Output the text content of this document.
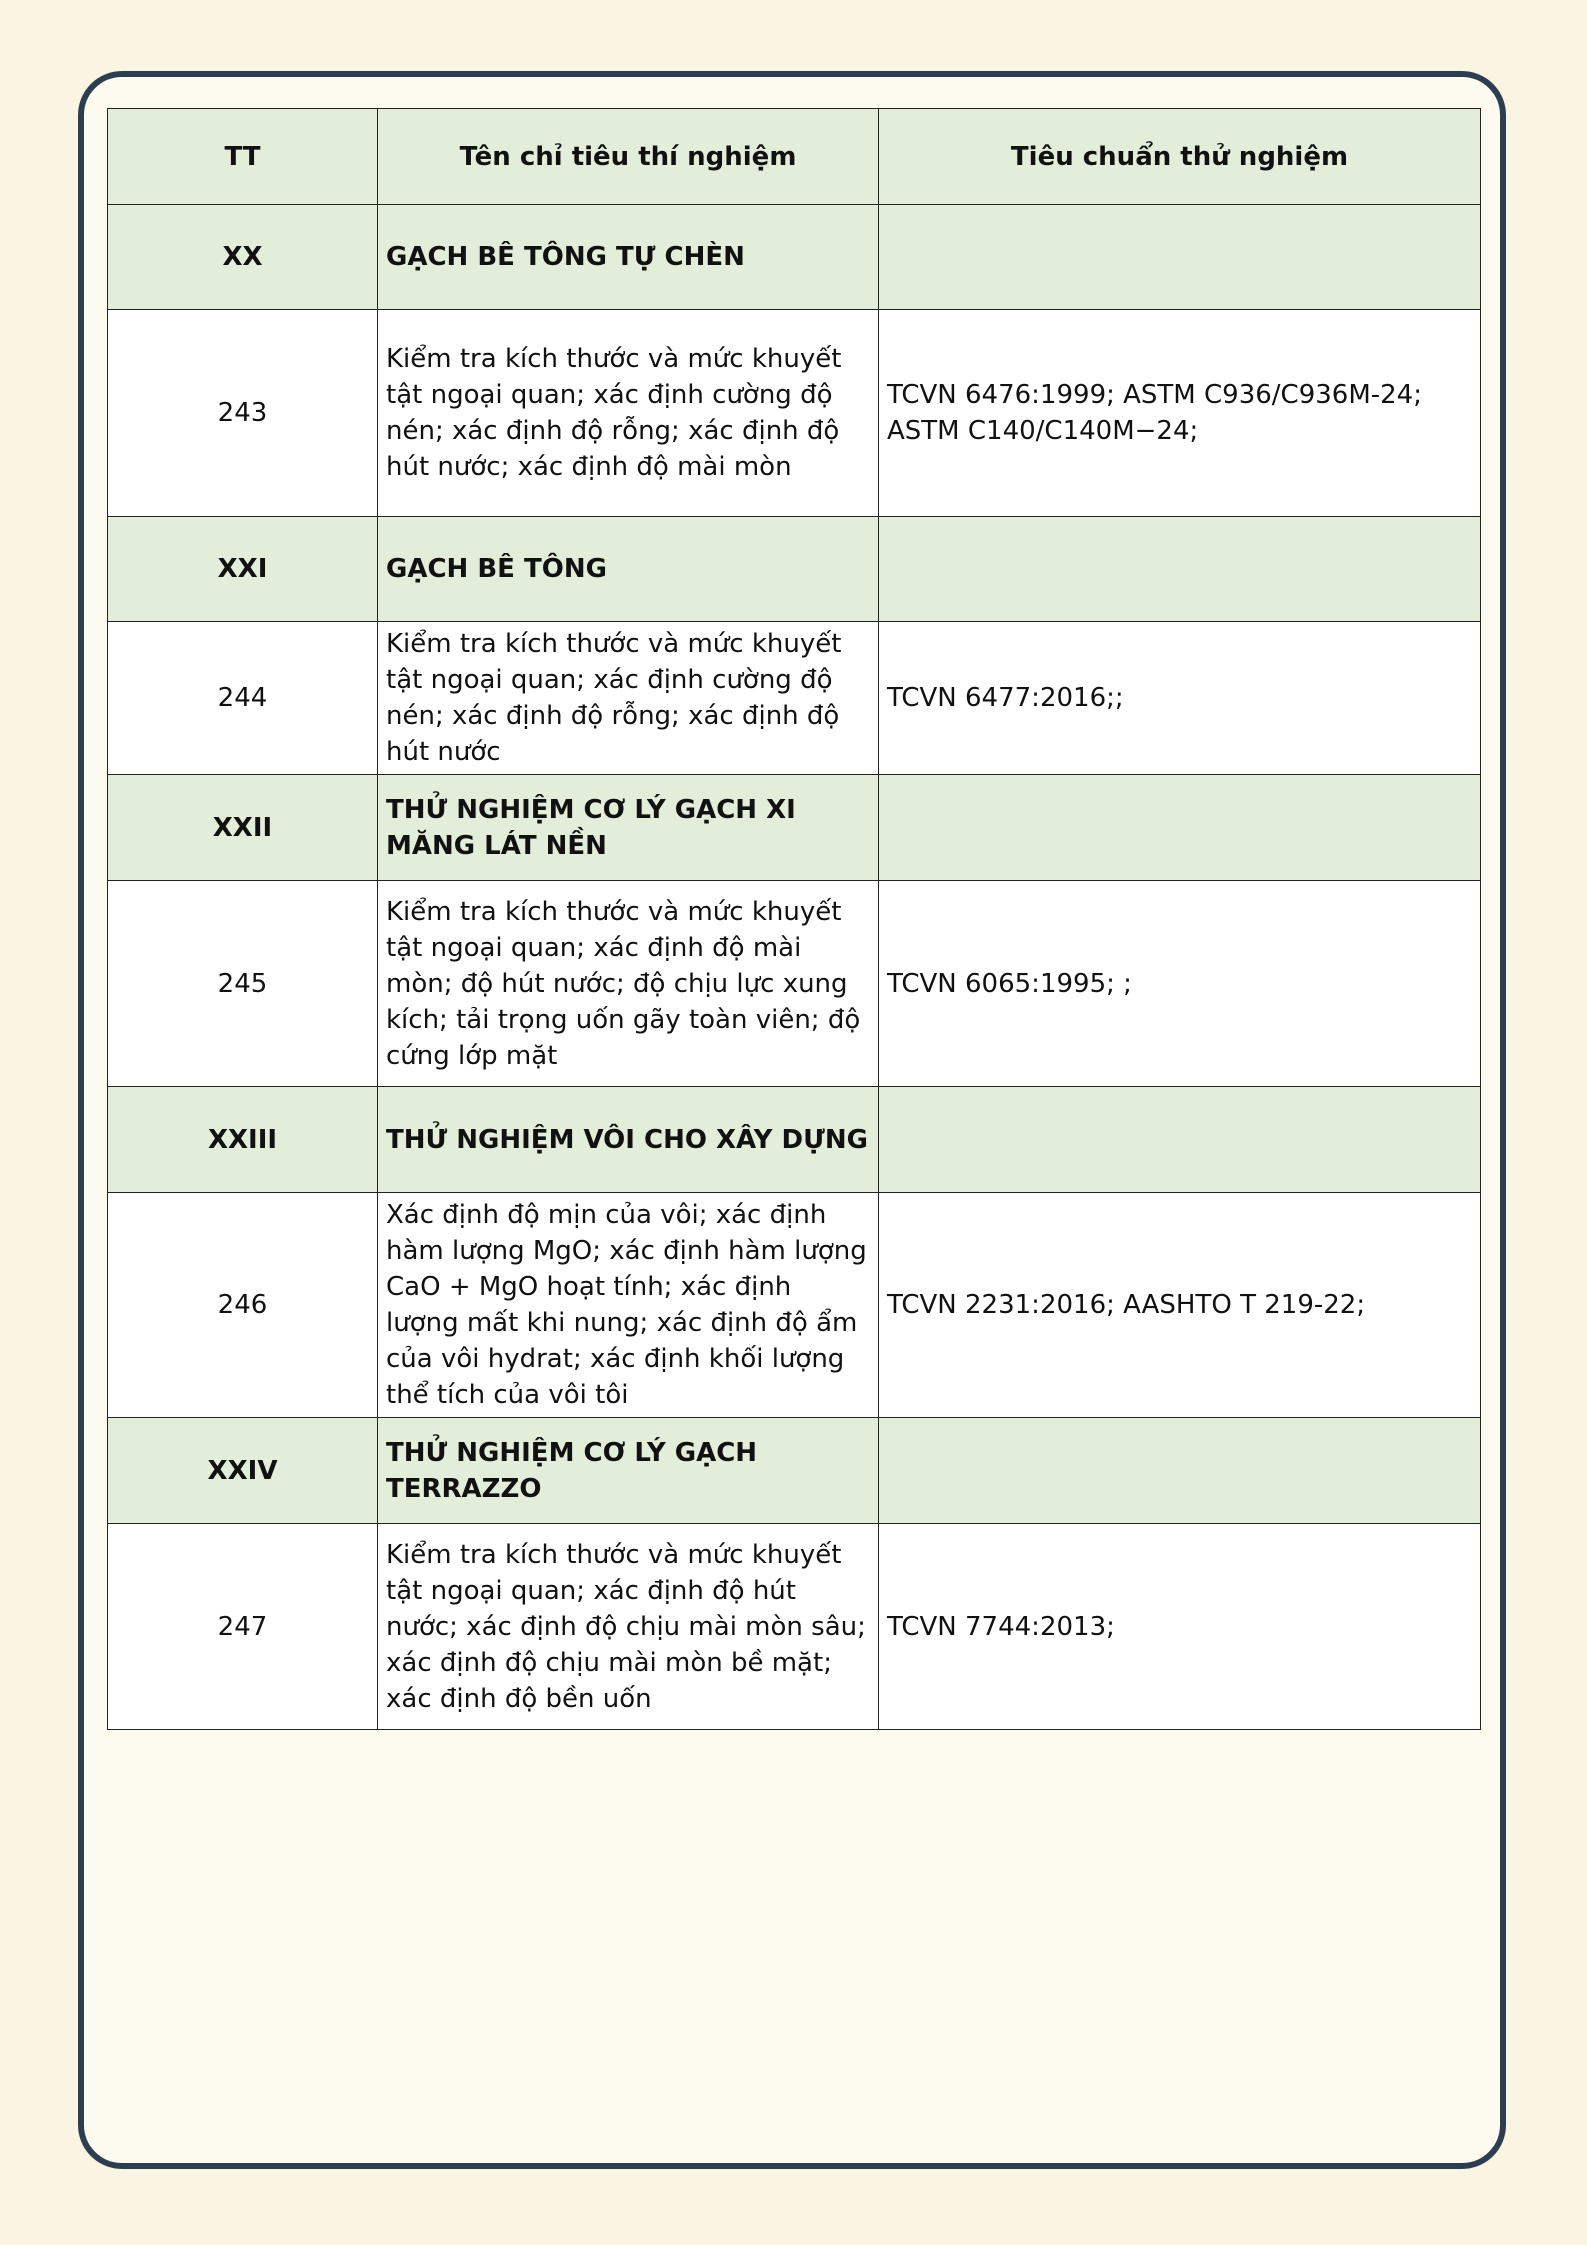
TT	Tên chỉ tiêu thí nghiệm	Tiêu chuẩn thử nghiệm
XX	GẠCH BÊ TÔNG TỰ CHÈN	
243	Kiểm tra kích thước và mức khuyết tật ngoại quan; xác định cường độ nén; xác định độ rỗng; xác định độ hút nước; xác định độ mài mòn	TCVN 6476:1999; ASTM C936/C936M-24; ASTM C140/C140M−24;
XXI	GẠCH BÊ TÔNG	
244	Kiểm tra kích thước và mức khuyết tật ngoại quan; xác định cường độ nén; xác định độ rỗng; xác định độ hút nước	TCVN 6477:2016;;
XXII	THỬ NGHIỆM CƠ LÝ GẠCH XI MĂNG LÁT NỀN	
245	Kiểm tra kích thước và mức khuyết tật ngoại quan; xác định độ mài mòn; độ hút nước; độ chịu lực xung kích; tải trọng uốn gãy toàn viên; độ cứng lớp mặt	TCVN 6065:1995; ;
XXIII	THỬ NGHIỆM VÔI CHO XÂY DỰNG	
246	Xác định độ mịn của vôi; xác định hàm lượng MgO; xác định hàm lượng CaO + MgO hoạt tính; xác định lượng mất khi nung; xác định độ ẩm của vôi hydrat; xác định khối lượng thể tích của vôi tôi	TCVN 2231:2016; AASHTO T 219-22;
XXIV	THỬ NGHIỆM CƠ LÝ GẠCH TERRAZZO	
247	Kiểm tra kích thước và mức khuyết tật ngoại quan; xác định độ hút nước; xác định độ chịu mài mòn sâu; xác định độ chịu mài mòn bề mặt; xác định độ bền uốn	TCVN 7744:2013;
